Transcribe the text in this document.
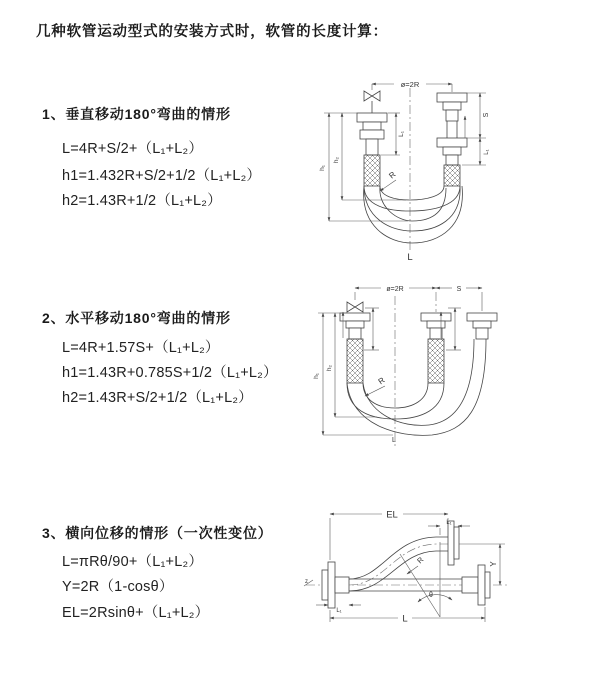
几种软管运动型式的安装方式时，软管的长度计算：
1、垂直移动180°弯曲的情形
L=4R+S/2+（L₁+L₂）
h1=1.432R+S/2+1/2（L₁+L₂）
h2=1.43R+1/2（L₁+L₂）
2、水平移动180°弯曲的情形
L=4R+1.57S+（L₁+L₂）
h1=1.43R+0.785S+1/2（L₁+L₂）
h2=1.43R+S/2+1/2（L₁+L₂）
3、横向位移的情形（一次性变位）
L=πRθ/90+（L₁+L₂）
Y=2R（1-cosθ）
EL=2Rsinθ+（L₁+L₂）
ø=2R
L₁
S
L₁
h₁
h₂
R
L
ø=2R	S
h₁
h₂
R
L
z
θ
R
EL
L₁
Y
L
L₁
